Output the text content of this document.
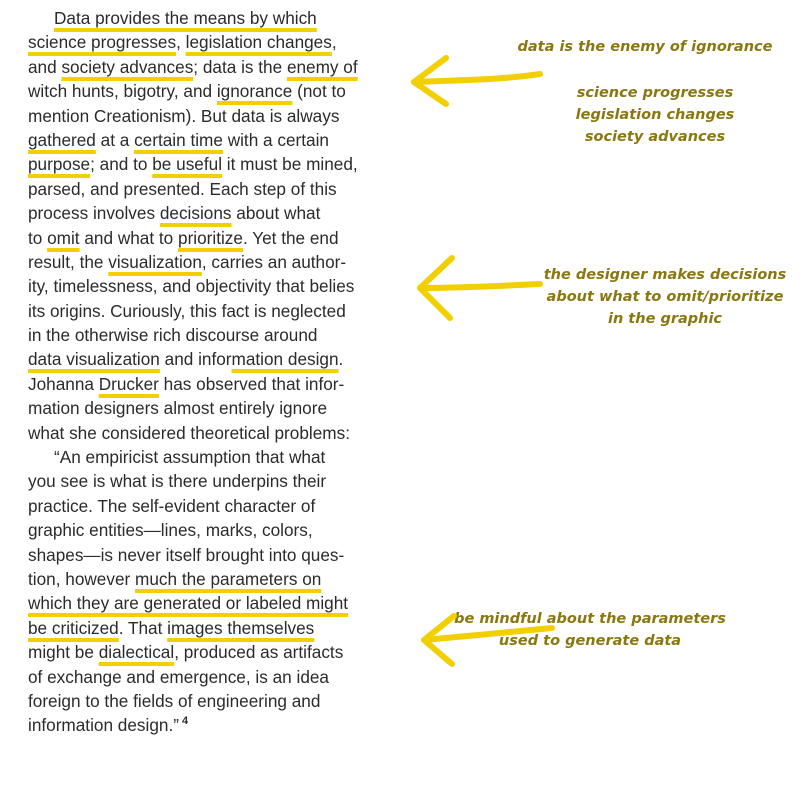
Data provides the means by which
science progresses, legislation changes,
and society advances; data is the enemy of
witch hunts, bigotry, and ignorance (not to
mention Creationism). But data is always
gathered at a certain time with a certain
purpose; and to be useful it must be mined,
parsed, and presented. Each step of this
process involves decisions about what
to omit and what to prioritize. Yet the end
result, the visualization, carries an author-
ity, timelessness, and objectivity that belies
its origins. Curiously, this fact is neglected
in the otherwise rich discourse around
data visualization and information design.
Johanna Drucker has observed that infor-
mation designers almost entirely ignore
what she considered theoretical problems:
“An empiricist assumption that what
you see is what is there underpins their
practice. The self-evident character of
graphic entities—lines, marks, colors,
shapes—is never itself brought into ques-
tion, however much the parameters on
which they are generated or labeled might
be criticized. That images themselves
might be dialectical, produced as artifacts
of exchange and emergence, is an idea
foreign to the fields of engineering and
information design.” $^4$
data is the enemy of ignorance
science progresses
legislation changes
society advances
the designer makes decisions
about what to omit/prioritize
in the graphic
be mindful about the parameters
used to generate data
